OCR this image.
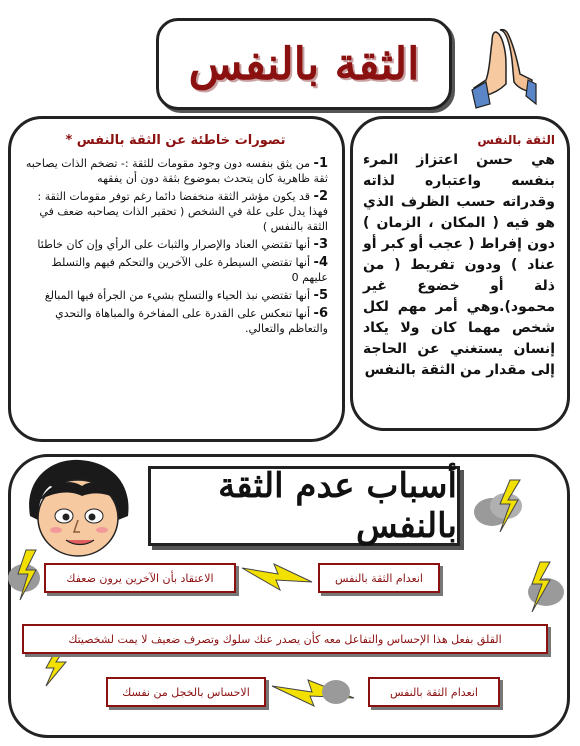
الثقة بالنفس
الثقة بالنفس
هي حسن اعتزاز المرء بنفسه واعتباره لذاته وقدراته حسب الظرف الذي هو فيه ( المكان ، الزمان ) دون إفراط ( عجب أو كبر أو عناد ) ودون تفريط ( من ذلة أو خضوع غير محمود).وهي أمر مهم لكل شخص مهما كان ولا يكاد إنسان يستغني عن الحاجة إلى مقدار من الثقة بالنفس
تصورات خاطئة عن الثقة بالنفس *
1- من يثق بنفسه دون وجود مقومات للثقة :- تضخم الذات يصاحبه ثقة ظاهرية كان يتحدث بموضوع بثقة دون أن يفقهه
2- قد يكون مؤشر الثقة منخفضا دائما رغم توفر مقومات الثقة : فهذا يدل على علة في الشخص ( تحقير الذات يصاحبه ضعف في الثقة بالنفس )
3- أنها تقتضي العناد والإصرار والثبات على الرأي وإن كان خاطئا
4- أنها تقتضي السيطرة على الآخرين والتحكم فيهم والتسلط عليهم 0
5- أنها تقتضي نبذ الحياء والتسلح بشيء من الجرأة فيها المبالغ
6- أنها تنعكس على القدرة على المفاخرة والمباهاة والتحدي والتعاظم والتعالي.
أسباب عدم الثقة بالنفس
انعدام الثقة بالنفس
الاعتقاد بأن الآخرين يرون ضعفك
القلق بفعل هذا الإحساس والتفاعل معه كأن يصدر عنك سلوك وتصرف ضعيف لا يمت لشخصيتك
انعدام الثقة بالنفس
الاحساس بالخجل من نفسك
